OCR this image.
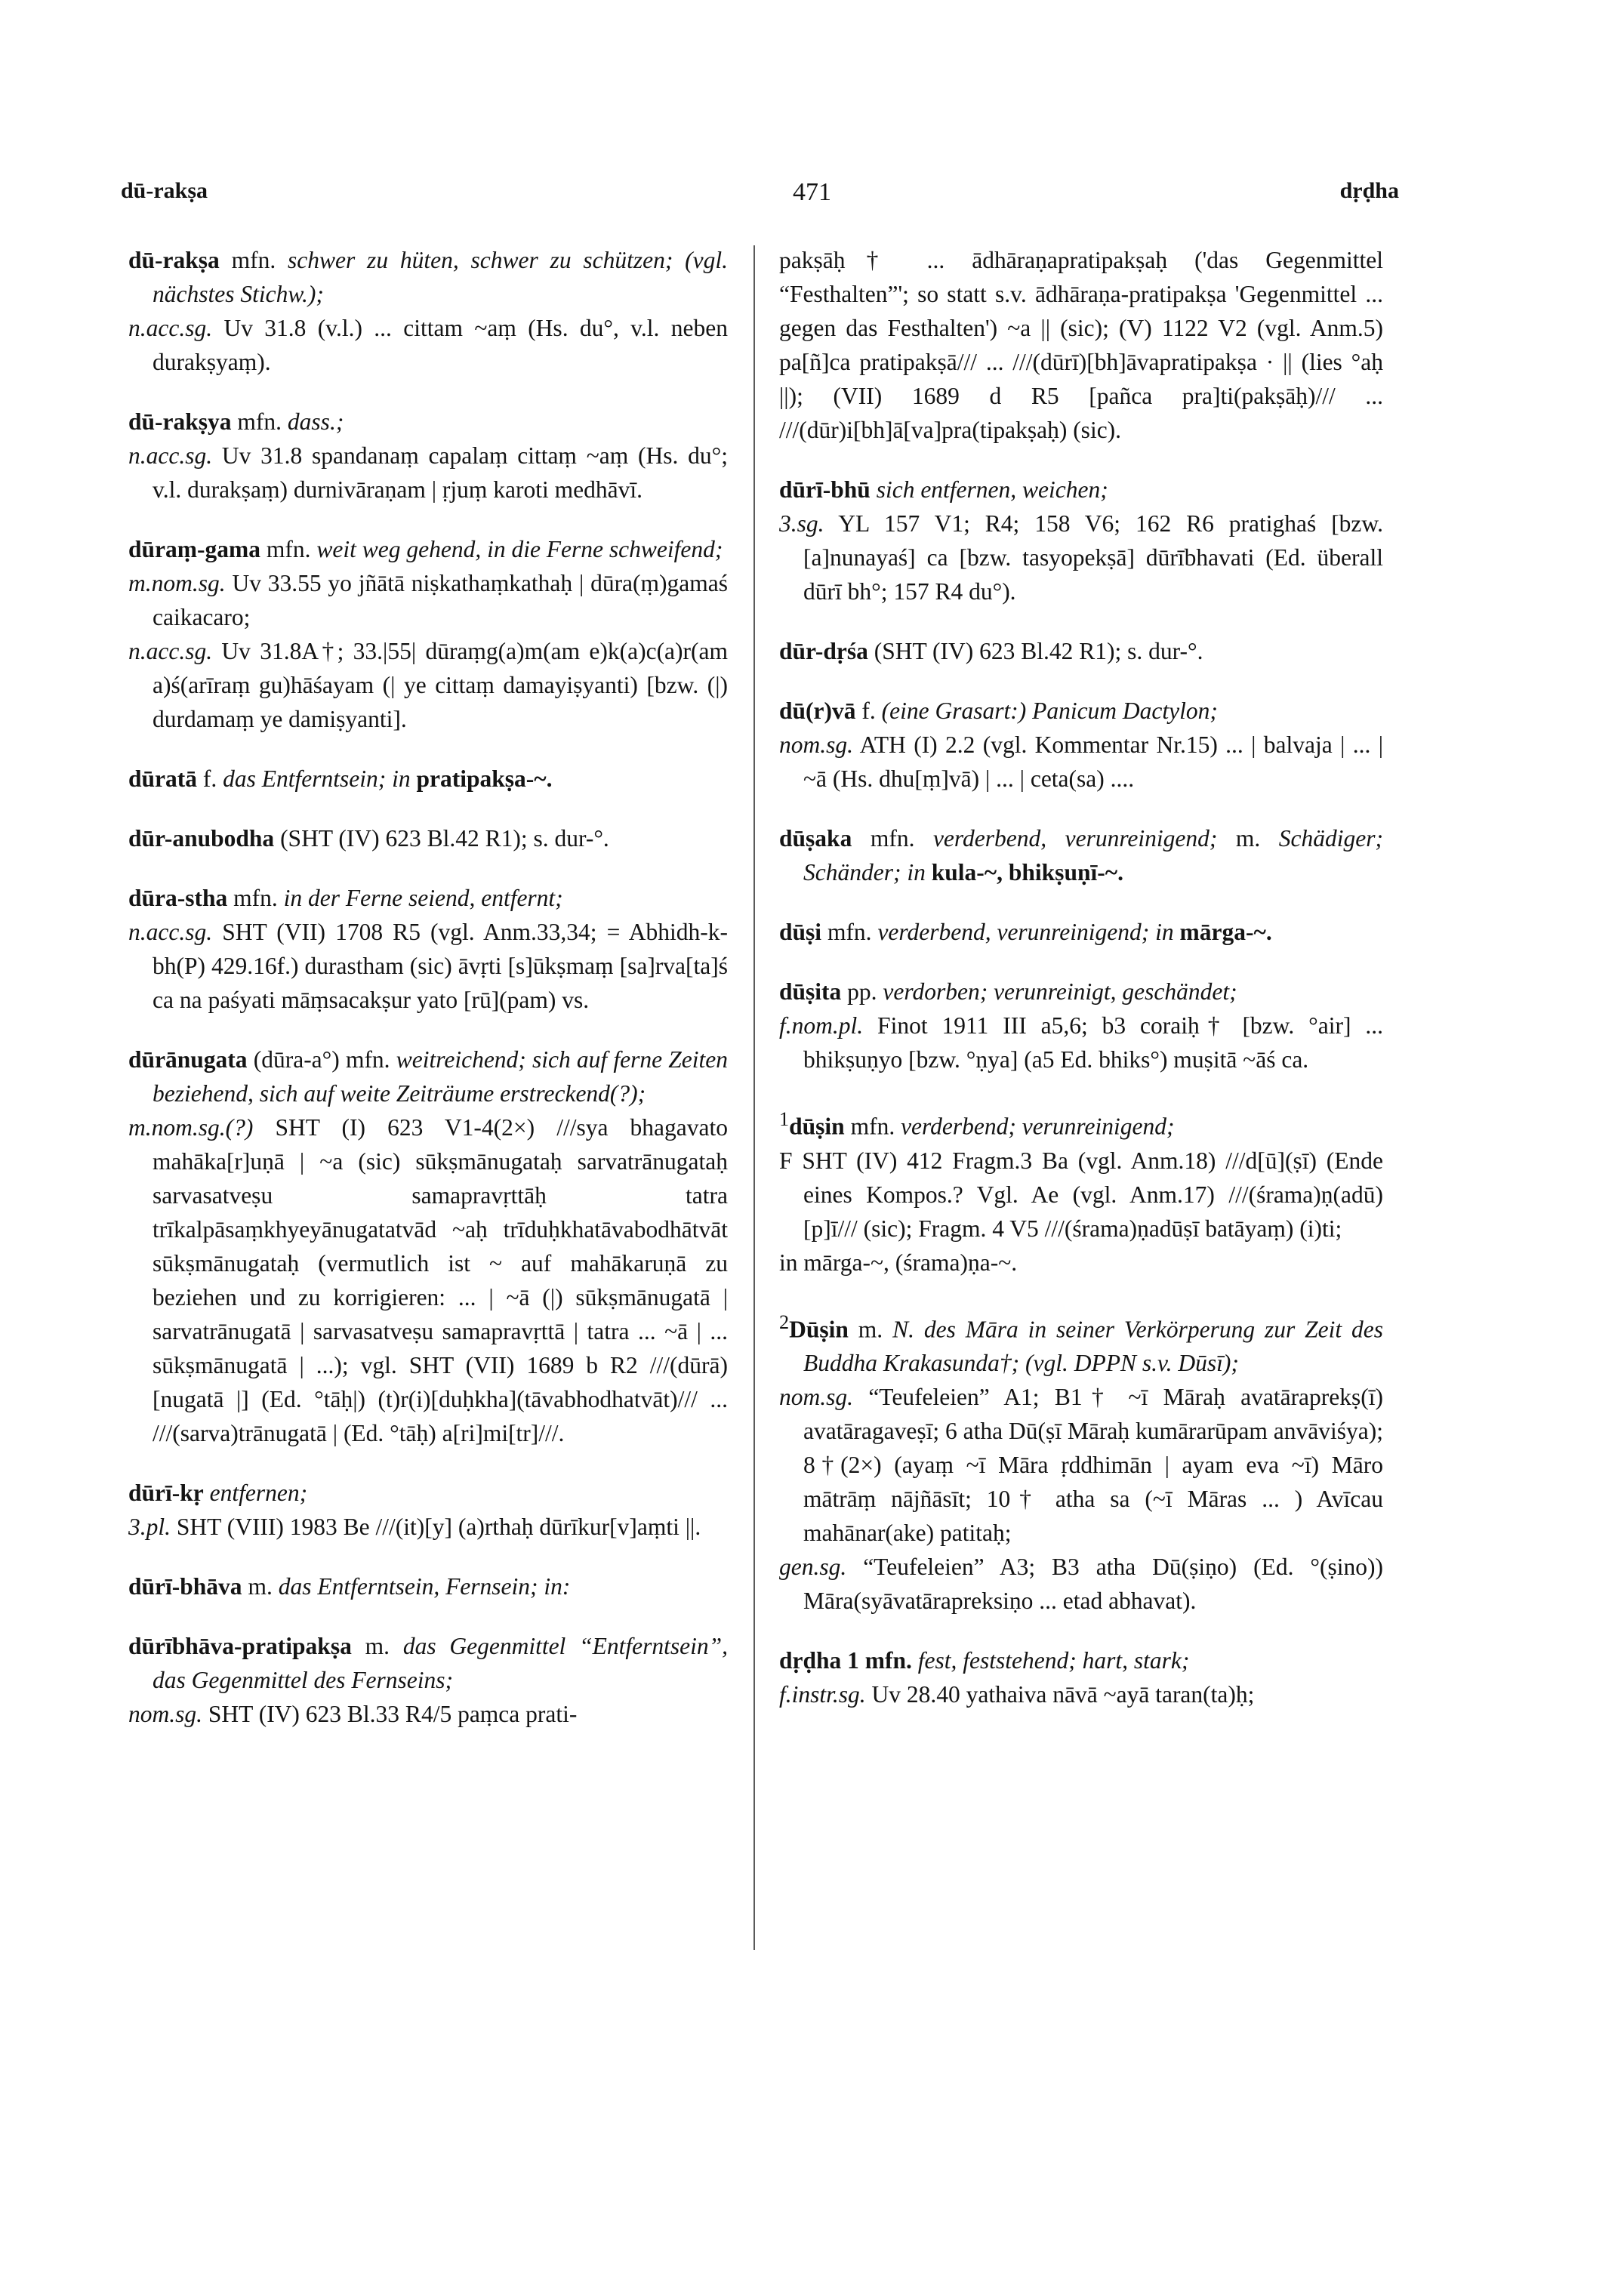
dū-rakṣa	471	dṛḍha

dū-rakṣa mfn. schwer zu hüten, schwer zu schützen; (vgl. nächstes Stichw.);

n.acc.sg. Uv 31.8 (v.l.) ... cittam ~aṃ (Hs. du°, v.l. neben durakṣyaṃ).

dū-rakṣya mfn. dass.;

n.acc.sg. Uv 31.8 spandanaṃ capalaṃ cittaṃ ~aṃ (Hs. du°; v.l. durakṣaṃ) durnivāraṇam | ṛjuṃ karoti medhāvī.

dūraṃ-gama mfn. weit weg gehend, in die Ferne schweifend;

m.nom.sg. Uv 33.55 yo jñātā niṣkathaṃkathaḥ | dūra(ṃ)gamaś caikacaro;

n.acc.sg. Uv 31.8A†; 33.|55| dūraṃg(a)m(am e)k(a)c(a)r(am a)ś(arīraṃ gu)hāśayam (| ye cittaṃ damayiṣyanti) [bzw. (|) durdamaṃ ye damiṣyanti].

dūratā f. das Entferntsein; in pratipakṣa-~.

dūr-anubodha (SHT (IV) 623 Bl.42 R1); s. dur-°.

dūra-stha mfn. in der Ferne seiend, entfernt;

n.acc.sg. SHT (VII) 1708 R5 (vgl. Anm.33,34; = Abhidh-k-bh(P) 429.16f.) durastham (sic) āvṛti [s]ūkṣmaṃ [sa]rva[ta]ś ca na paśyati māṃsacakṣur yato [rū](pam) vs.

dūrānugata (dūra-a°) mfn. weitreichend; sich auf ferne Zeiten beziehend, sich auf weite Zeiträume erstreckend(?);

m.nom.sg.(?) SHT (I) 623 V1-4(2×) ///sya bhagavato mahāka[r]uṇā | ~a (sic) sūkṣmānugataḥ sarvatrānugataḥ sarvasatveṣu samapravṛttāḥ tatra trīkalpāsaṃkhyeyānugatatvād ~aḥ trīduḥkhatāvabodhātvāt sūkṣmānugataḥ (vermutlich ist ~ auf mahākaruṇā zu beziehen und zu korrigieren: ... | ~ā (|) sūkṣmānugatā | sarvatrānugatā | sarvasatveṣu samapravṛttā | tatra ... ~ā | ... sūkṣmānugatā | ...); vgl. SHT (VII) 1689 b R2 ///(dūrā)[nugatā |] (Ed. °tāḥ|) (t)r(i)[duḥkha](tāvabhodhatvāt)/// ... ///(sarva)trānugatā | (Ed. °tāḥ) a[ri]mi[tr]///.

dūrī-kṛ entfernen;

3.pl. SHT (VIII) 1983 Be ///(it)[y] (a)rthaḥ dūrīkur[v]aṃti ||.

dūrī-bhāva m. das Entferntsein, Fernsein; in:

dūrībhāva-pratipakṣa m. das Gegenmittel “Entferntsein”, das Gegenmittel des Fernseins;

nom.sg. SHT (IV) 623 Bl.33 R4/5 paṃca prati-

pakṣāḥ† ... ādhāraṇapratipakṣaḥ ('das Gegenmittel “Festhalten”'; so statt s.v. ādhāraṇa-pratipakṣa 'Gegenmittel ... gegen das Festhalten') ~a || (sic); (V) 1122 V2 (vgl. Anm.5) pa[ñ]ca pratipakṣā/// ... ///(dūrī)[bh]āvapratipakṣa · || (lies °aḥ ||); (VII) 1689 d R5 [pañca pra]ti(pakṣāḥ)/// ... ///(dūr)i[bh]ā[va]pra(tipakṣaḥ) (sic).

dūrī-bhū sich entfernen, weichen;

3.sg. YL 157 V1; R4; 158 V6; 162 R6 pratighaś [bzw. [a]nunayaś] ca [bzw. tasyopekṣā] dūrībhavati (Ed. überall dūrī bh°; 157 R4 du°).

dūr-dṛśa (SHT (IV) 623 Bl.42 R1); s. dur-°.

dū(r)vā f. (eine Grasart:) Panicum Dactylon;

nom.sg. ATH (I) 2.2 (vgl. Kommentar Nr.15) ... | balvaja | ... | ~ā (Hs. dhu[ṃ]vā) | ... | ceta(sa) ....

dūṣaka mfn. verderbend, verunreinigend; m. Schädiger; Schänder; in kula-~, bhikṣuṇī-~.

dūṣi mfn. verderbend, verunreinigend; in mārga-~.

dūṣita pp. verdorben; verunreinigt, geschändet;

f.nom.pl. Finot 1911 III a5,6; b3 coraiḥ† [bzw. °air] ... bhikṣuṇyo [bzw. °ṇya] (a5 Ed. bhiks°) muṣitā ~āś ca.

$^1$dūṣin mfn. verderbend; verunreinigend;

F SHT (IV) 412 Fragm.3 Ba (vgl. Anm.18) ///d[ū](ṣī) (Ende eines Kompos.? Vgl. Ae (vgl. Anm.17) ///(śrama)ṇ(adū)[p]ī/// (sic); Fragm. 4 V5 ///(śrama)ṇadūṣī batāyaṃ) (i)ti;

in mārga-~, (śrama)ṇa-~.

$^2$Dūṣin m. N. des Māra in seiner Verkörperung zur Zeit des Buddha Krakasunda†; (vgl. DPPN s.v. Dūsī);

nom.sg. “Teufeleien” A1; B1† ~ī Māraḥ avatāraprekṣ(ī) avatāragaveṣī; 6 atha Dū(ṣī Māraḥ kumārarūpam anvāviśya); 8†(2×) (ayaṃ ~ī Māra ṛddhimān | ayam eva ~ī) Māro mātrāṃ nājñāsīt; 10† atha sa (~ī Māras ... ) Avīcau mahānar(ake) patitaḥ;

gen.sg. “Teufeleien” A3; B3 atha Dū(ṣiṇo) (Ed. °(ṣino)) Māra(syāvatārapreksiṇo ... etad abhavat).

dṛḍha 1 mfn. fest, feststehend; hart, stark;

f.instr.sg. Uv 28.40 yathaiva nāvā ~ayā taran(ta)ḥ;
